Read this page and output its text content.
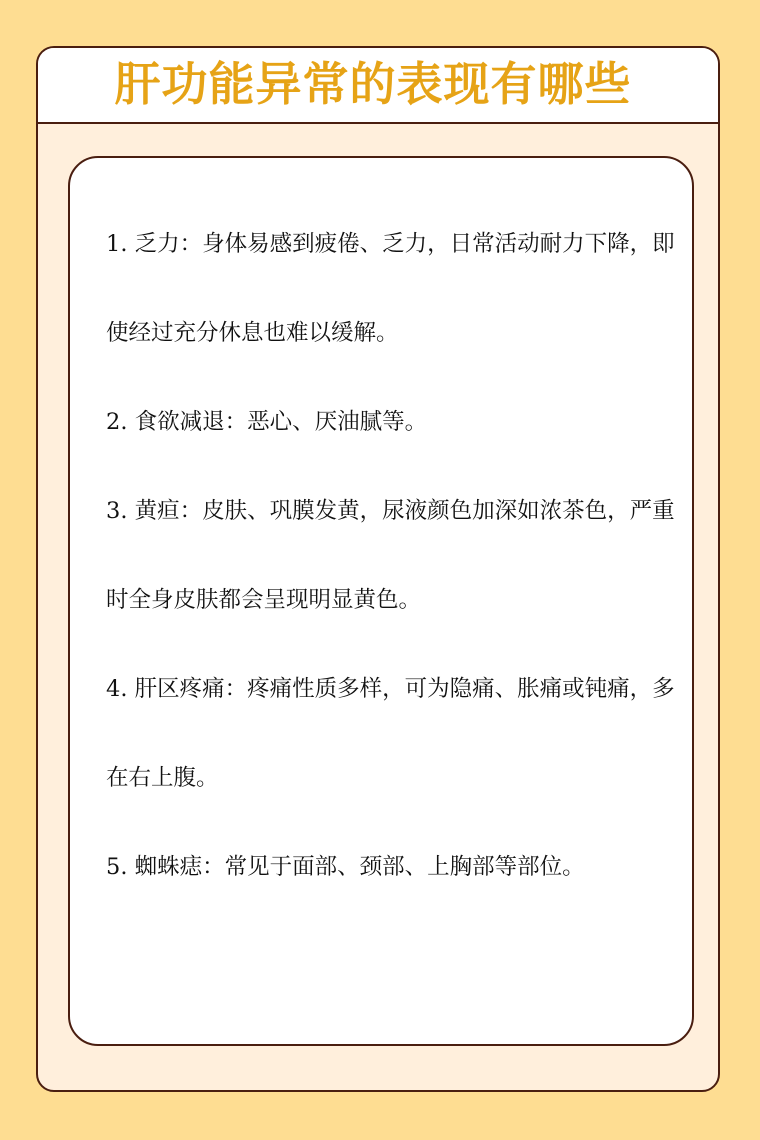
肝功能异常的表现有哪些
1. 乏力：身体易感到疲倦、乏力，日常活动耐力下降，即使经过充分休息也难以缓解。
2. 食欲减退：恶心、厌油腻等。
3. 黄疸：皮肤、巩膜发黄，尿液颜色加深如浓茶色，严重时全身皮肤都会呈现明显黄色。
4. 肝区疼痛：疼痛性质多样，可为隐痛、胀痛或钝痛，多在右上腹。
5. 蜘蛛痣：常见于面部、颈部、上胸部等部位。
